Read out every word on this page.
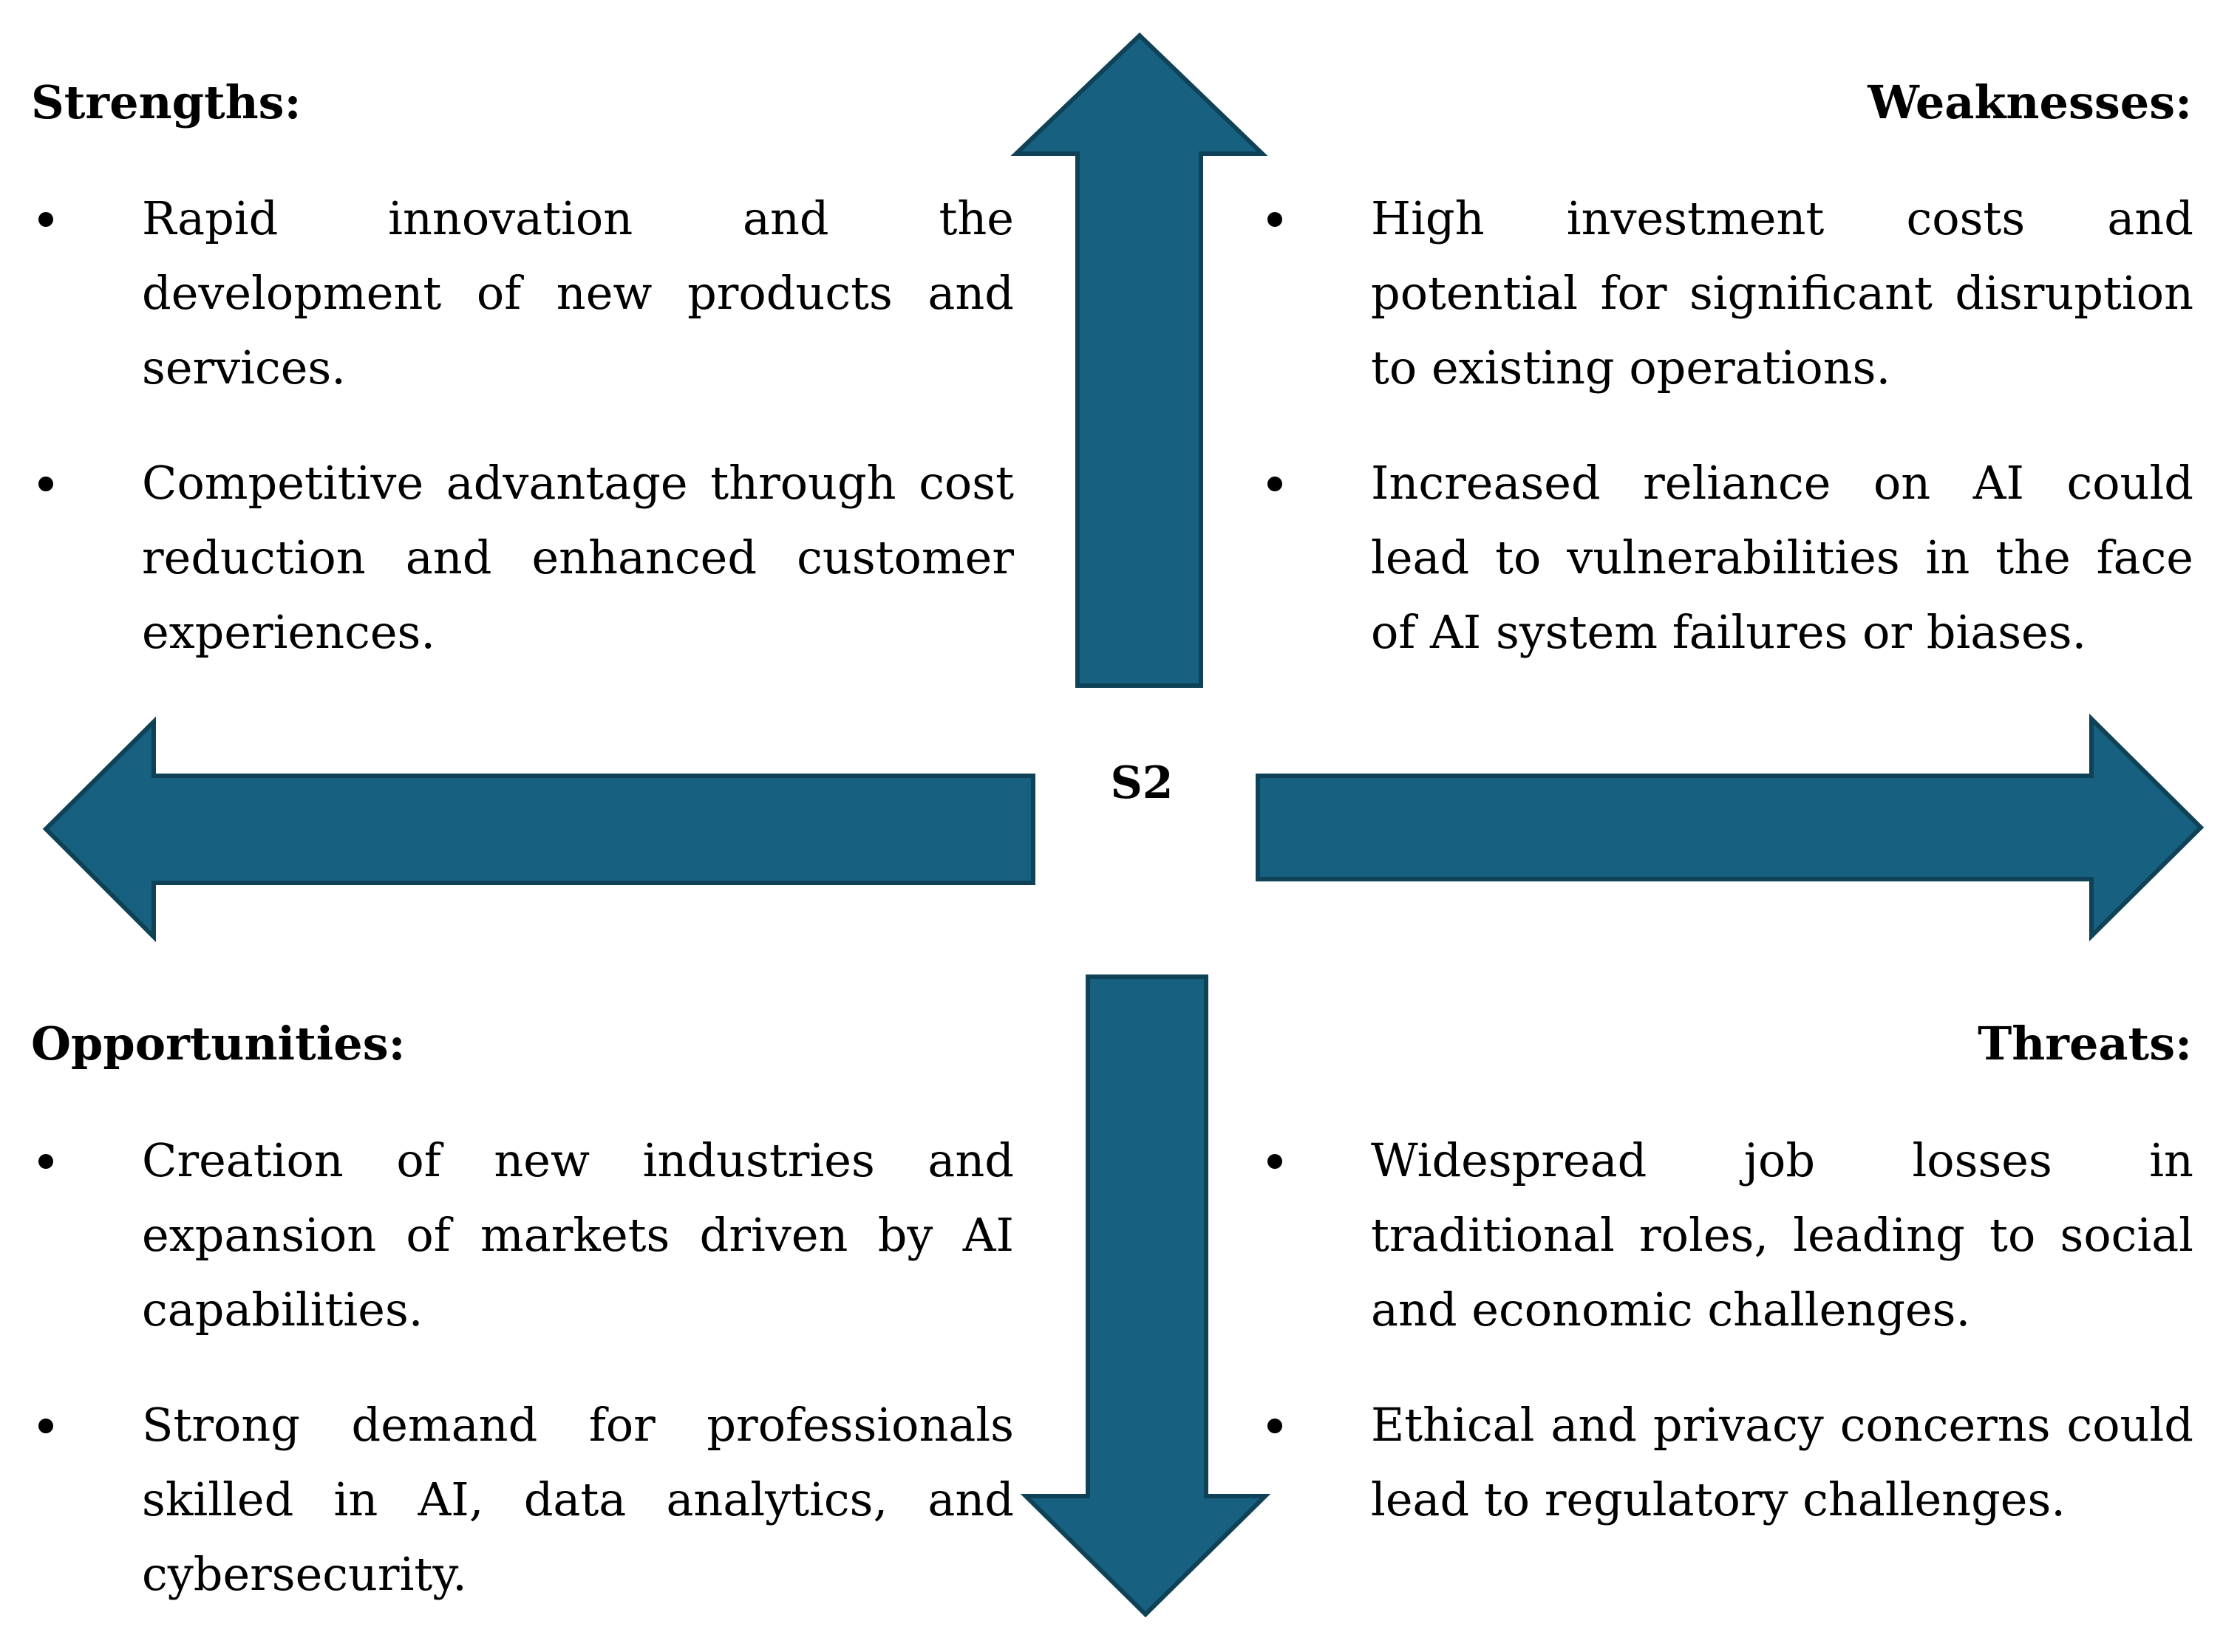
S2
Strengths:
Rapid innovation and the development of new products and services.
Competitive advantage through cost reduction and enhanced customer experiences.
Weaknesses:
High investment costs and potential for significant disruption to existing operations.
Increased reliance on AI could lead to vulnerabilities in the face of AI system failures or biases.
Opportunities:
Creation of new industries and expansion of markets driven by AI capabilities.
Strong demand for professionals skilled in AI, data analytics, and cybersecurity.
Threats:
Widespread job losses in traditional roles, leading to social and economic challenges.
Ethical and privacy concerns could lead to regulatory challenges.
